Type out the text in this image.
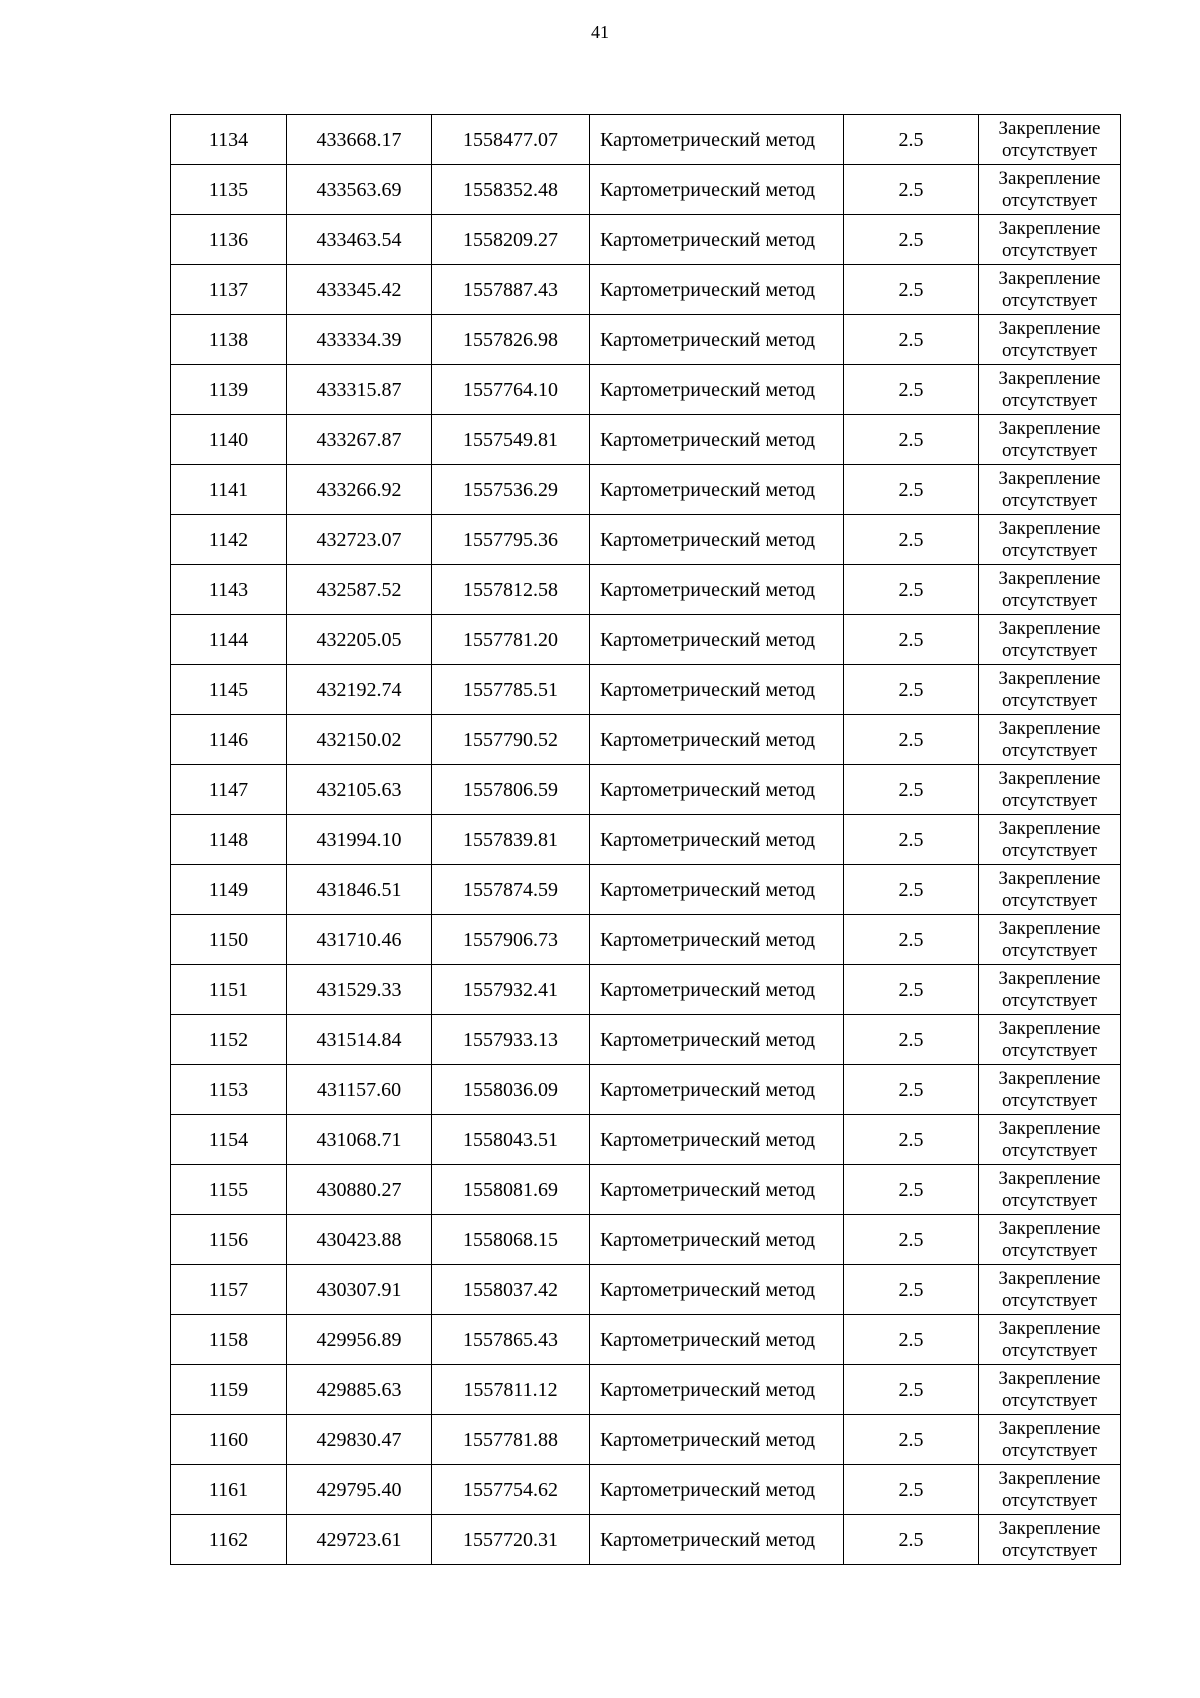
41
1134	433668.17	1558477.07	Картометрический метод	2.5	Закрепление отсутствует
1135	433563.69	1558352.48	Картометрический метод	2.5	Закрепление отсутствует
1136	433463.54	1558209.27	Картометрический метод	2.5	Закрепление отсутствует
1137	433345.42	1557887.43	Картометрический метод	2.5	Закрепление отсутствует
1138	433334.39	1557826.98	Картометрический метод	2.5	Закрепление отсутствует
1139	433315.87	1557764.10	Картометрический метод	2.5	Закрепление отсутствует
1140	433267.87	1557549.81	Картометрический метод	2.5	Закрепление отсутствует
1141	433266.92	1557536.29	Картометрический метод	2.5	Закрепление отсутствует
1142	432723.07	1557795.36	Картометрический метод	2.5	Закрепление отсутствует
1143	432587.52	1557812.58	Картометрический метод	2.5	Закрепление отсутствует
1144	432205.05	1557781.20	Картометрический метод	2.5	Закрепление отсутствует
1145	432192.74	1557785.51	Картометрический метод	2.5	Закрепление отсутствует
1146	432150.02	1557790.52	Картометрический метод	2.5	Закрепление отсутствует
1147	432105.63	1557806.59	Картометрический метод	2.5	Закрепление отсутствует
1148	431994.10	1557839.81	Картометрический метод	2.5	Закрепление отсутствует
1149	431846.51	1557874.59	Картометрический метод	2.5	Закрепление отсутствует
1150	431710.46	1557906.73	Картометрический метод	2.5	Закрепление отсутствует
1151	431529.33	1557932.41	Картометрический метод	2.5	Закрепление отсутствует
1152	431514.84	1557933.13	Картометрический метод	2.5	Закрепление отсутствует
1153	431157.60	1558036.09	Картометрический метод	2.5	Закрепление отсутствует
1154	431068.71	1558043.51	Картометрический метод	2.5	Закрепление отсутствует
1155	430880.27	1558081.69	Картометрический метод	2.5	Закрепление отсутствует
1156	430423.88	1558068.15	Картометрический метод	2.5	Закрепление отсутствует
1157	430307.91	1558037.42	Картометрический метод	2.5	Закрепление отсутствует
1158	429956.89	1557865.43	Картометрический метод	2.5	Закрепление отсутствует
1159	429885.63	1557811.12	Картометрический метод	2.5	Закрепление отсутствует
1160	429830.47	1557781.88	Картометрический метод	2.5	Закрепление отсутствует
1161	429795.40	1557754.62	Картометрический метод	2.5	Закрепление отсутствует
1162	429723.61	1557720.31	Картометрический метод	2.5	Закрепление отсутствует
